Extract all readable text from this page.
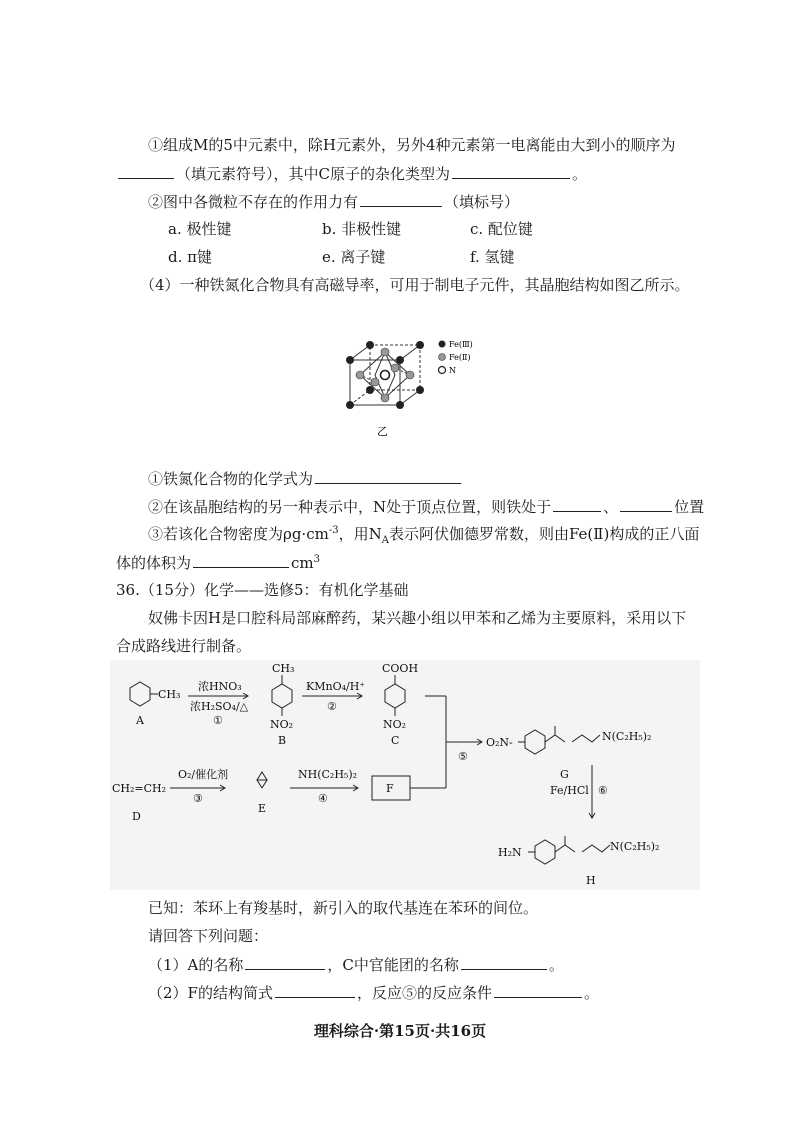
①组成M的5中元素中，除H元素外，另外4种元素第一电离能由大到小的顺序为
（填元素符号），其中C原子的杂化类型为	。
②图中各微粒不存在的作用力有	（填标号）
a. 极性键	b. 非极性键	c. 配位键
d. π键	e. 离子键	f. 氢键
（4）一种铁氮化合物具有高磁导率，可用于制电子元件，其晶胞结构如图乙所示。
Fe(Ⅲ)
Fe(Ⅱ)
N
乙
①铁氮化合物的化学式为
②在该晶胞结构的另一种表示中，N处于顶点位置，则铁处于	、	位置
③若该化合物密度为$\rho g\cdot cm^{-3}$，用$N_A$表示阿伏伽德罗常数，则由Fe(Ⅱ)构成的正八面
体的体积为	$cm^3$
36.（15分）化学——选修5：有机化学基础
奴佛卡因H是口腔科局部麻醉药，某兴趣小组以甲苯和乙烯为主要原料，采用以下
合成路线进行制备。
CH₃
A
浓HNO₃
浓H₂SO₄/△
①
CH₃
NO₂
B
KMnO₄/H⁺
②
COOH
NO₂
C
⑤
O₂N-	N(C₂H₅)₂
G
CH₂=CH₂
D
O₂/催化剂
③
E
NH(C₂H₅)₂
④
F	Fe/HCl ⑥
H₂N	N(C₂H₅)₂
H
已知：苯环上有羧基时，新引入的取代基连在苯环的间位。
请回答下列问题：
（1）A的名称	，C中官能团的名称	。
（2）F的结构简式	，反应⑤的反应条件	。
理科综合·第15页·共16页
